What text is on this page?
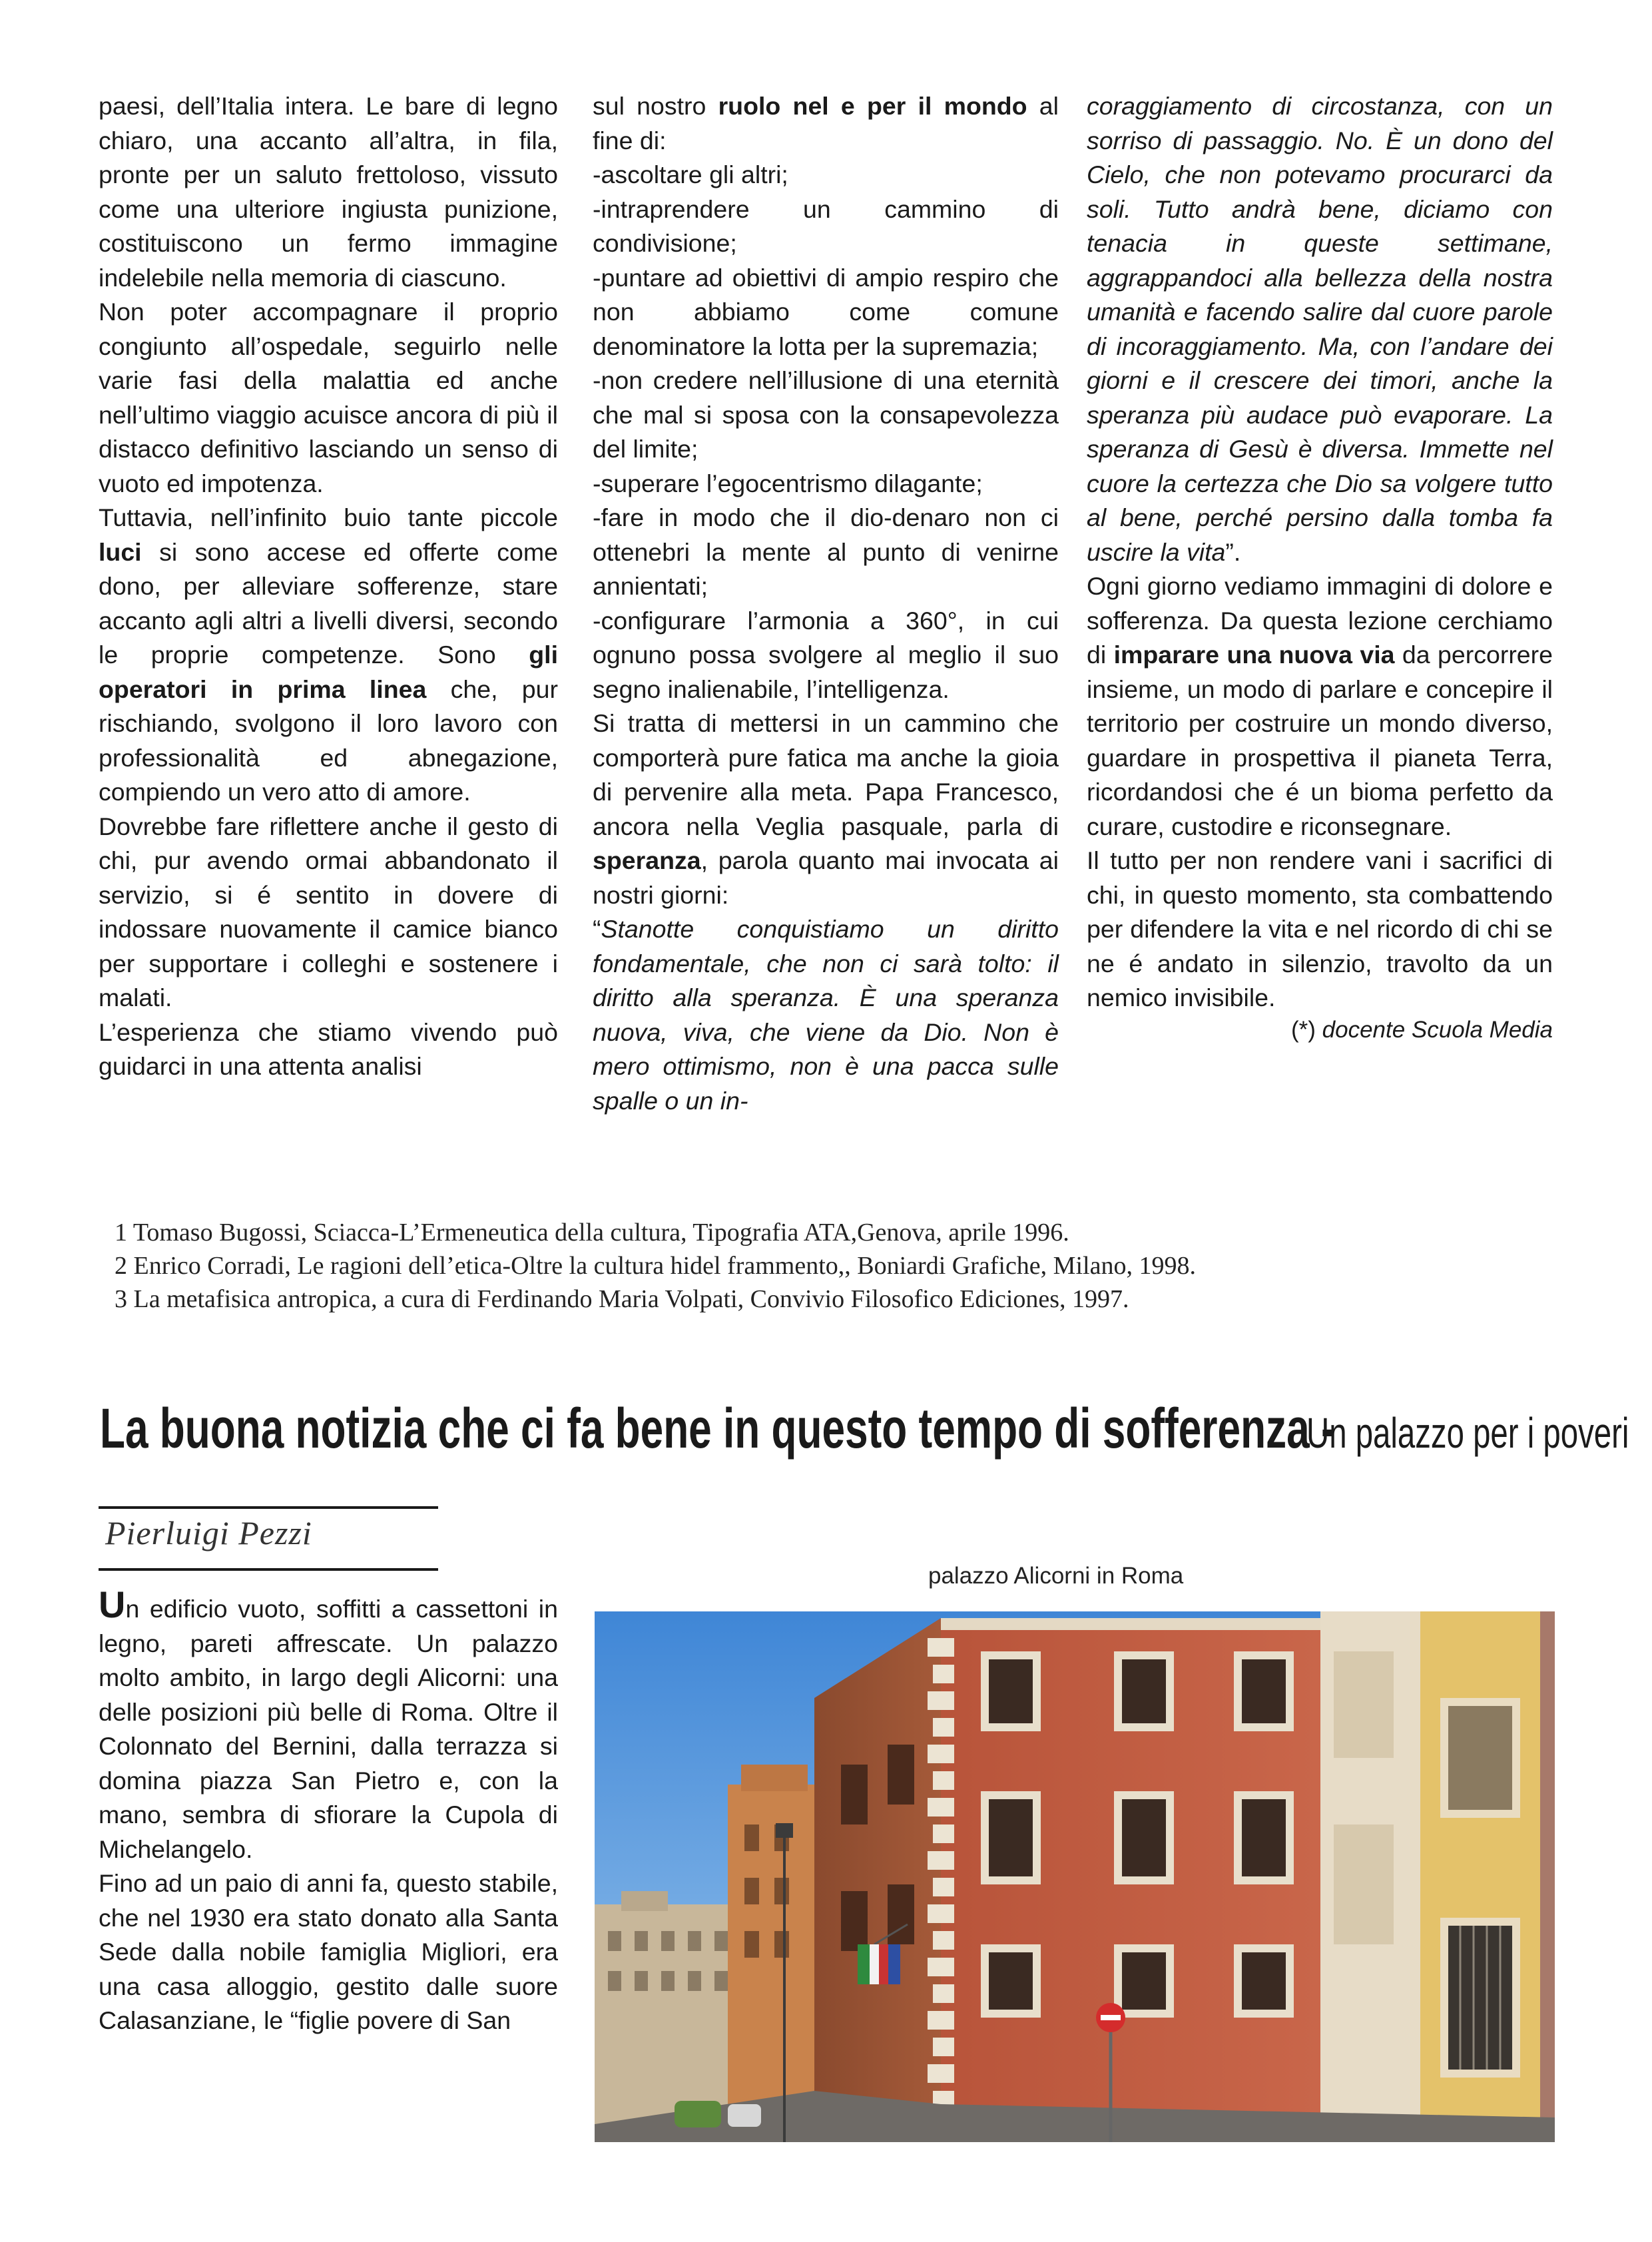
paesi, dell’Italia intera. Le bare di legno chiaro, una accanto all’altra, in fila, pronte per un saluto frettoloso, vissuto come una ulteriore ingiusta punizione, costituiscono un fermo immagine indelebile nella memoria di ciascuno.

Non poter accompagnare il proprio congiunto all’ospedale, seguirlo nelle varie fasi della malattia ed anche nell’ultimo viaggio acuisce ancora di più il distacco definitivo lasciando un senso di vuoto ed impotenza.

Tuttavia, nell’infinito buio tante piccole luci si sono accese ed offerte come dono, per alleviare sofferenze, stare accanto agli altri a livelli diversi, secondo le proprie competenze. Sono gli operatori in prima linea che, pur rischiando, svolgono il loro lavoro con professionalità ed abnegazione, compiendo un vero atto di amore.

Dovrebbe fare riflettere anche il gesto di chi, pur avendo ormai abbandonato il servizio, si é sentito in dovere di indossare nuovamente il camice bianco per supportare i colleghi e sostenere i malati.

L’esperienza che stiamo vivendo può guidarci in una attenta analisi

sul nostro ruolo nel e per il mondo al fine di:

-ascoltare gli altri;

-intraprendere un cammino di condivisione;

-puntare ad obiettivi di ampio respiro che non abbiamo come comune denominatore la lotta per la supremazia;

-non credere nell’illusione di una eternità che mal si sposa con la consapevolezza del limite;

-superare l’egocentrismo dilagante;

-fare in modo che il dio-denaro non ci ottenebri la mente al punto di venirne annientati;

-configurare l’armonia a 360°, in cui ognuno possa svolgere al meglio il suo segno inalienabile, l’intelligenza.

Si tratta di mettersi in un cammino che comporterà pure fatica ma anche la gioia di pervenire alla meta. Papa Francesco, ancora nella Veglia pasquale, parla di speranza, parola quanto mai invocata ai nostri giorni:

“Stanotte conquistiamo un diritto fondamentale, che non ci sarà tolto: il diritto alla speranza. È una speranza nuova, viva, che viene da Dio. Non è mero ottimismo, non è una pacca sulle spalle o un in-

coraggiamento di circostanza, con un sorriso di passaggio. No. È un dono del Cielo, che non potevamo procurarci da soli. Tutto andrà bene, diciamo con tenacia in queste settimane, aggrappandoci alla bellezza della nostra umanità e facendo salire dal cuore parole di incoraggiamento. Ma, con l’andare dei giorni e il crescere dei timori, anche la speranza più audace può evaporare. La speranza di Gesù è diversa. Immette nel cuore la certezza che Dio sa volgere tutto al bene, perché persino dalla tomba fa uscire la vita”.

Ogni giorno vediamo immagini di dolore e sofferenza. Da questa lezione cerchiamo di imparare una nuova via da percorrere insieme, un modo di parlare e concepire il territorio per costruire un mondo diverso, guardare in prospettiva il pianeta Terra, ricordandosi che é un bioma perfetto da curare, custodire e riconsegnare.

Il tutto per non rendere vani i sacrifici di chi, in questo momento, sta combattendo per difendere la vita e nel ricordo di chi se ne é andato in silenzio, travolto da un nemico invisibile.

(*) docente Scuola Media
1 Tomaso Bugossi, Sciacca-L’Ermeneutica della cultura, Tipografia ATA,Genova, aprile 1996.
2 Enrico Corradi, Le ragioni dell’etica-Oltre la cultura hidel frammento,, Boniardi Grafiche, Milano, 1998.
3 La metafisica antropica, a cura di Ferdinando Maria Volpati, Convivio Filosofico Ediciones, 1997.
La buona notizia che ci fa bene in questo tempo di sofferenza -
Un palazzo per i poveri
Pierluigi Pezzi

Un edificio vuoto, soffitti a cassettoni in legno, pareti affrescate. Un palazzo molto ambito, in largo degli Alicorni: una delle posizioni più belle di Roma. Oltre il Colonnato del Bernini, dalla terrazza si domina piazza San Pietro e, con la mano, sembra di sfiorare la Cupola di Michelangelo.

Fino ad un paio di anni fa, questo stabile, che nel 1930 era stato donato alla Santa Sede dalla nobile famiglia Migliori, era una casa alloggio, gestito dalle suore Calasanziane, le “figlie povere di San

palazzo Alicorni in Roma
